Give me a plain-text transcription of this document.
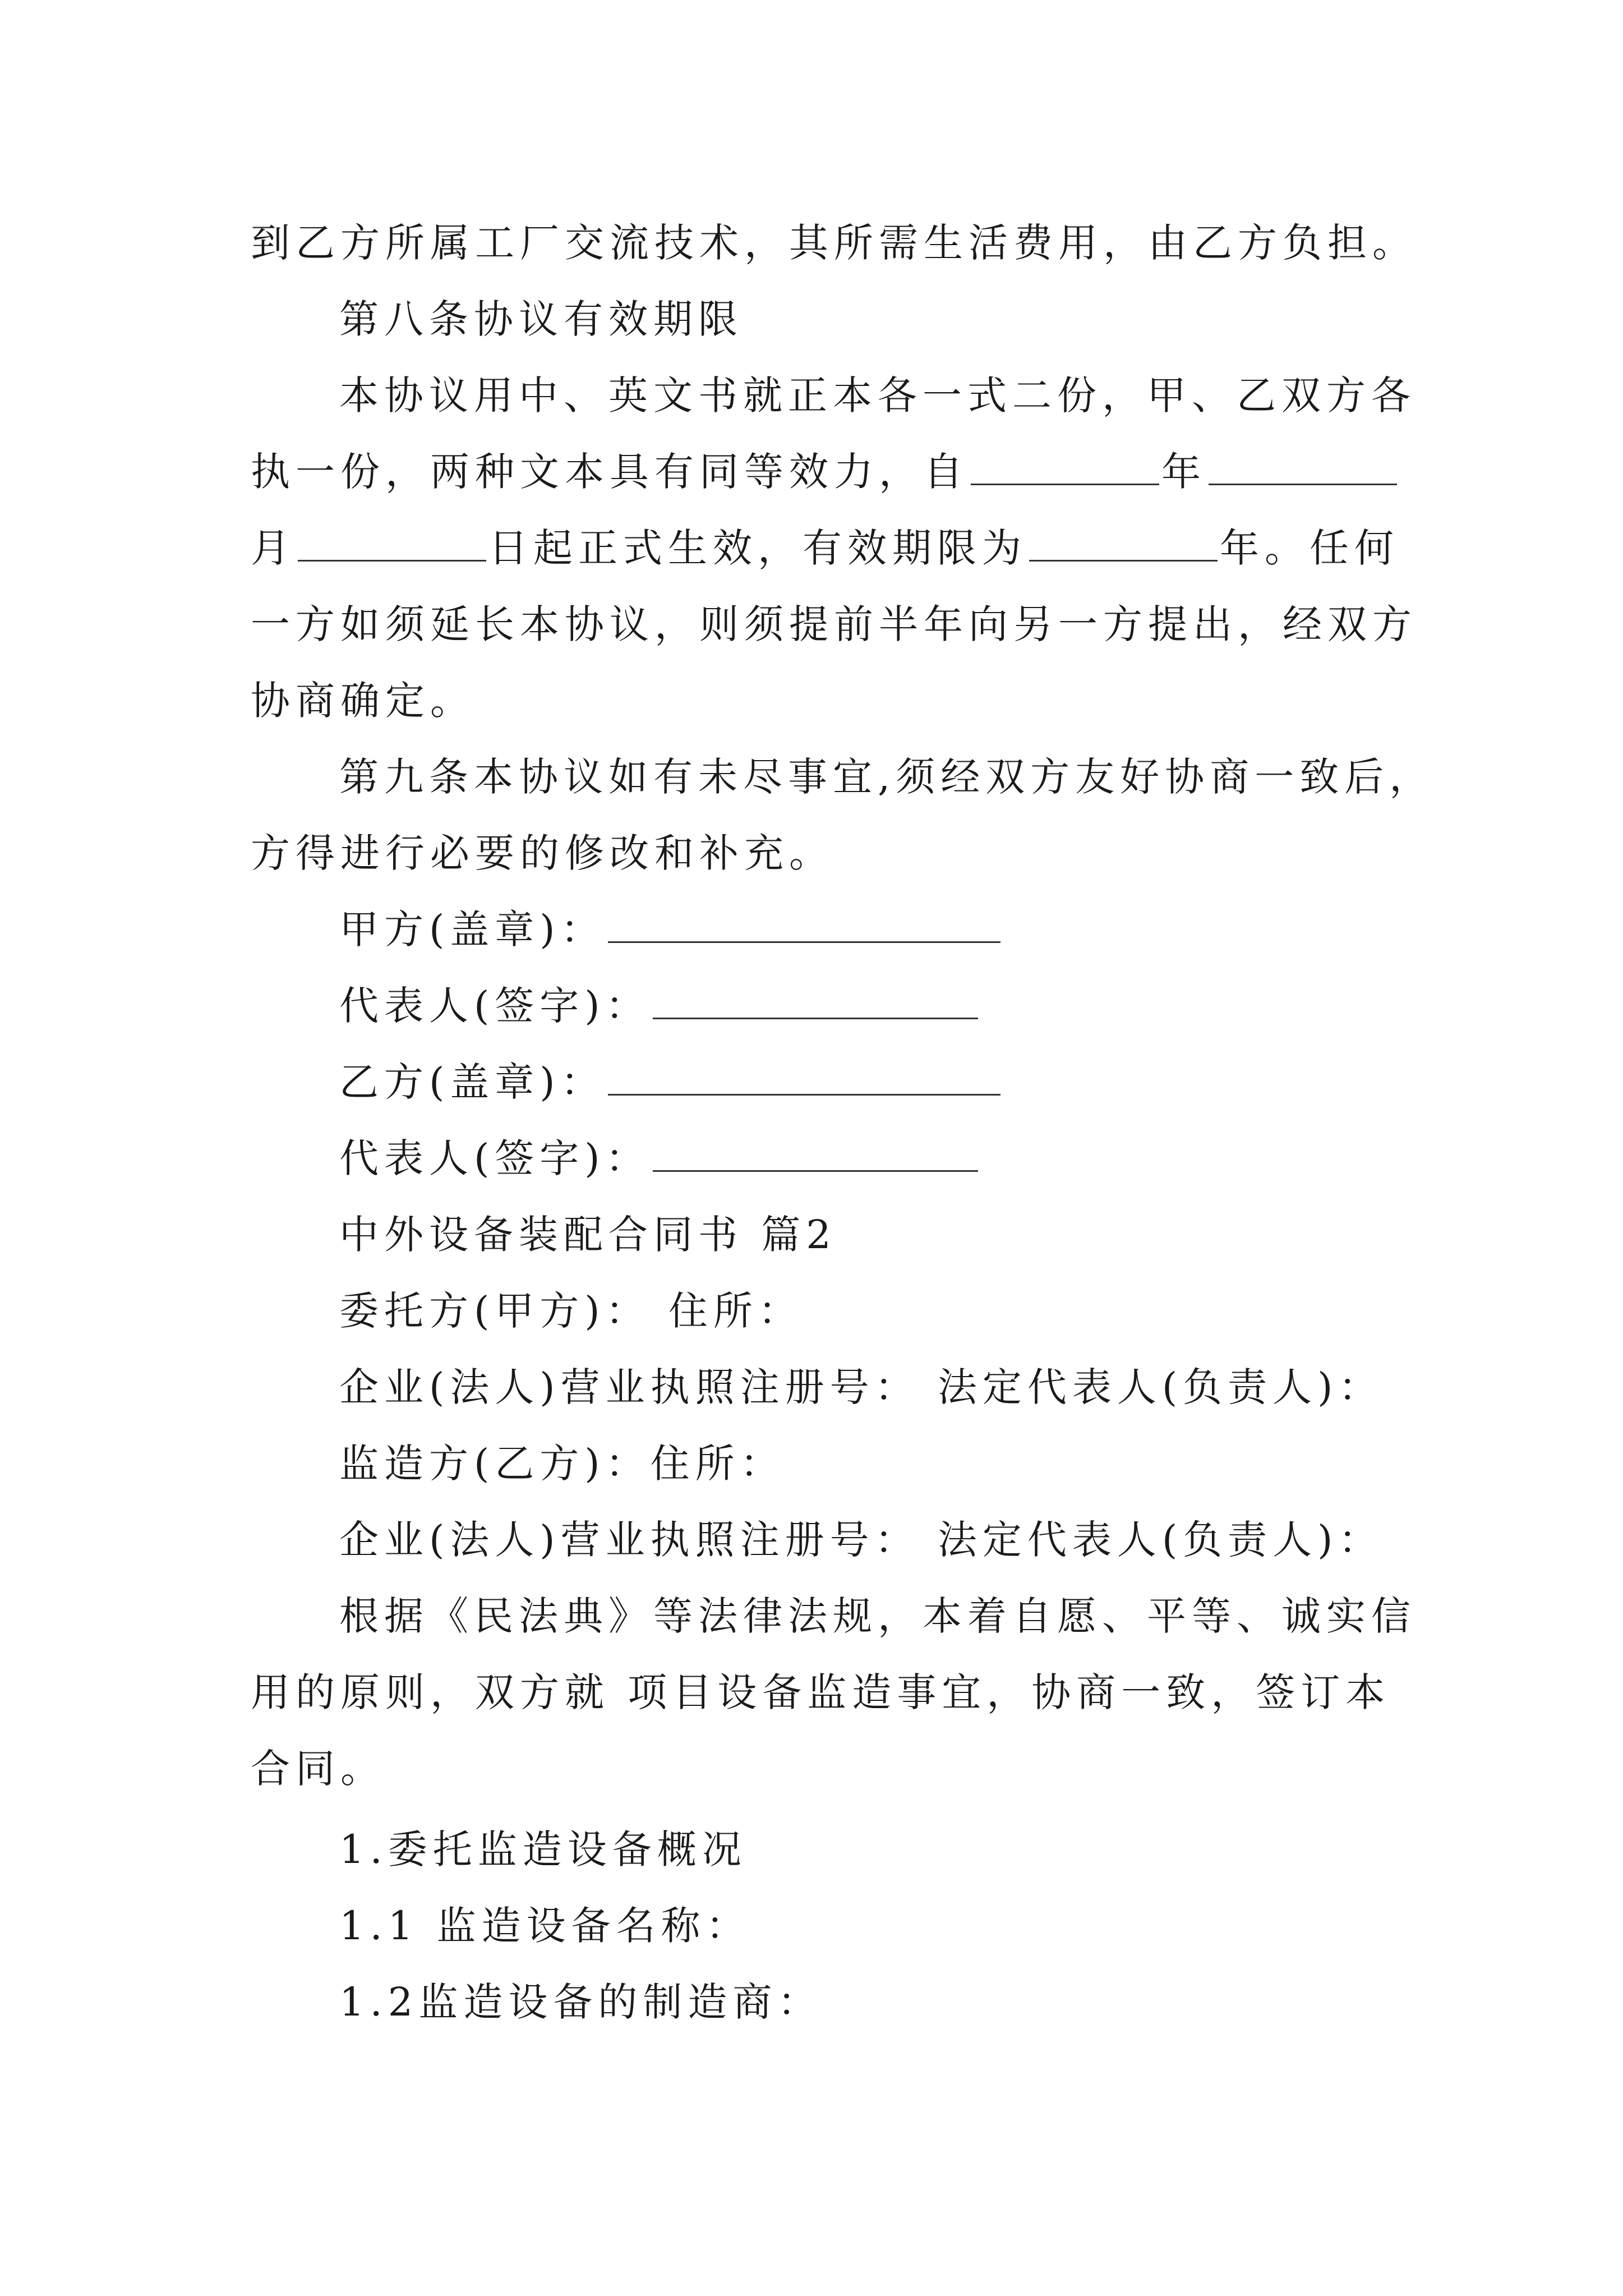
到乙方所属工厂交流技术，其所需生活费用，由乙方负担。
第八条协议有效期限
本协议用中、英文书就正本各一式二份，甲、乙双方各
执一份，两种文本具有同等效力，自	年
月	日起正式生效，有效期限为	年。任何
一方如须延长本协议，则须提前半年向另一方提出，经双方
协商确定。
第九条本协议如有未尽事宜,须经双方友好协商一致后，
方得进行必要的修改和补充。
甲方(盖章)：
代表人(签字)：
乙方(盖章)：
代表人(签字)：
中外设备装配合同书 篇2
委托方(甲方)： 住所：
企业(法人)营业执照注册号： 法定代表人(负责人)：
监造方(乙方)：住所：
企业(法人)营业执照注册号： 法定代表人(负责人)：
根据《民法典》等法律法规，本着自愿、平等、诚实信
用的原则，双方就 项目设备监造事宜，协商一致，签订本
合同。
1.委托监造设备概况
1.1 监造设备名称：
1.2监造设备的制造商：
